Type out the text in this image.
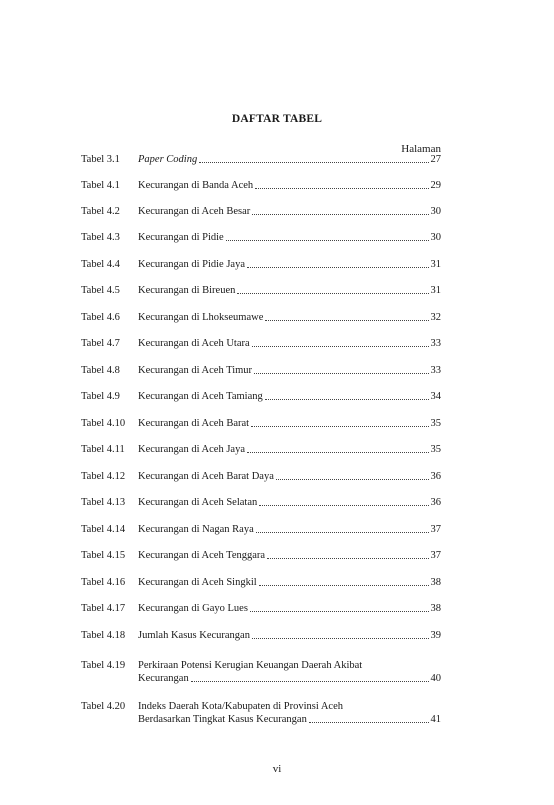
DAFTAR TABEL
Halaman
Tabel 3.1 Paper Coding	27
Tabel 4.1 Kecurangan di Banda Aceh	29
Tabel 4.2 Kecurangan di Aceh Besar	30
Tabel 4.3 Kecurangan di Pidie	30
Tabel 4.4 Kecurangan di Pidie Jaya	31
Tabel 4.5 Kecurangan di Bireuen	31
Tabel 4.6 Kecurangan di Lhokseumawe	32
Tabel 4.7 Kecurangan di Aceh Utara	33
Tabel 4.8 Kecurangan di Aceh Timur	33
Tabel 4.9 Kecurangan di Aceh Tamiang	34
Tabel 4.10 Kecurangan di Aceh Barat	35
Tabel 4.11 Kecurangan di Aceh Jaya	35
Tabel 4.12 Kecurangan di Aceh Barat Daya	36
Tabel 4.13 Kecurangan di Aceh Selatan	36
Tabel 4.14 Kecurangan di Nagan Raya	37
Tabel 4.15 Kecurangan di Aceh Tenggara	37
Tabel 4.16 Kecurangan di Aceh Singkil	38
Tabel 4.17 Kecurangan di Gayo Lues	38
Tabel 4.18 Jumlah Kasus Kecurangan	39
Tabel 4.19 Perkiraan Potensi Kerugian Keuangan Daerah Akibat
Kecurangan	40
Tabel 4.20 Indeks Daerah Kota/Kabupaten di Provinsi Aceh
Berdasarkan Tingkat Kasus Kecurangan	41
vi
